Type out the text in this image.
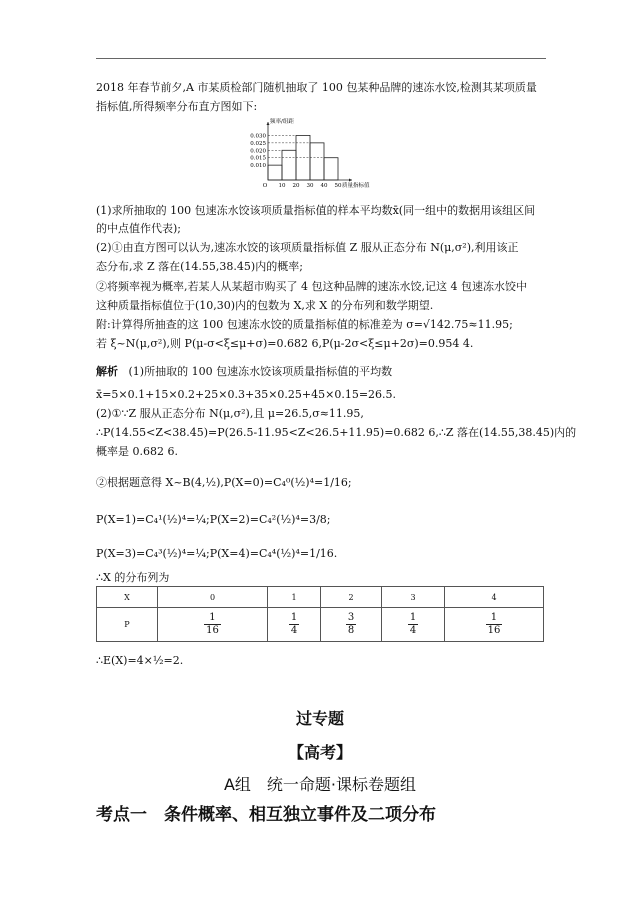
2018 年春节前夕,A 市某质检部门随机抽取了 100 包某种品牌的速冻水饺,检测其某项质量
指标值,所得频率分布直方图如下:
0.030
0.025
0.020
0.015
0.010
10 20 30 40 50
O
频率/组距
质量指标值
(1)求所抽取的 100 包速冻水饺该项质量指标值的样本平均数x̄(同一组中的数据用该组区间
的中点值作代表);
(2)①由直方图可以认为,速冻水饺的该项质量指标值 Z 服从正态分布 N(μ,σ²),利用该正
态分布,求 Z 落在(14.55,38.45)内的概率;
②将频率视为概率,若某人从某超市购买了 4 包这种品牌的速冻水饺,记这 4 包速冻水饺中
这种质量指标值位于(10,30)内的包数为 X,求 X 的分布列和数学期望.
附:计算得所抽查的这 100 包速冻水饺的质量指标值的标准差为 σ=√142.75≈11.95;
若 ξ~N(μ,σ²),则 P(μ-σ<ξ≤μ+σ)=0.682 6,P(μ-2σ<ξ≤μ+2σ)=0.954 4.
解析 (1)所抽取的 100 包速冻水饺该项质量指标值的平均数
x̄=5×0.1+15×0.2+25×0.3+35×0.25+45×0.15=26.5.
(2)①∵Z 服从正态分布 N(μ,σ²),且 μ=26.5,σ≈11.95,
∴P(14.55<Z<38.45)=P(26.5-11.95<Z<26.5+11.95)=0.682 6,∴Z 落在(14.55,38.45)内的
概率是 0.682 6.
②根据题意得 X~B(4,½),P(X=0)=C₄⁰(½)⁴=1/16;
P(X=1)=C₄¹(½)⁴=¼;P(X=2)=C₄²(½)⁴=3/8;
P(X=3)=C₄³(½)⁴=¼;P(X=4)=C₄⁴(½)⁴=1/16.
∴X 的分布列为
X	0	1	2	3	4
P	$\frac{1}{16}$	$\frac{1}{4}$	$\frac{3}{8}$	$\frac{1}{4}$	$\frac{1}{16}$
∴E(X)=4×½=2.
过专题
【高考】
A组　统一命题·课标卷题组
考点一　条件概率、相互独立事件及二项分布
